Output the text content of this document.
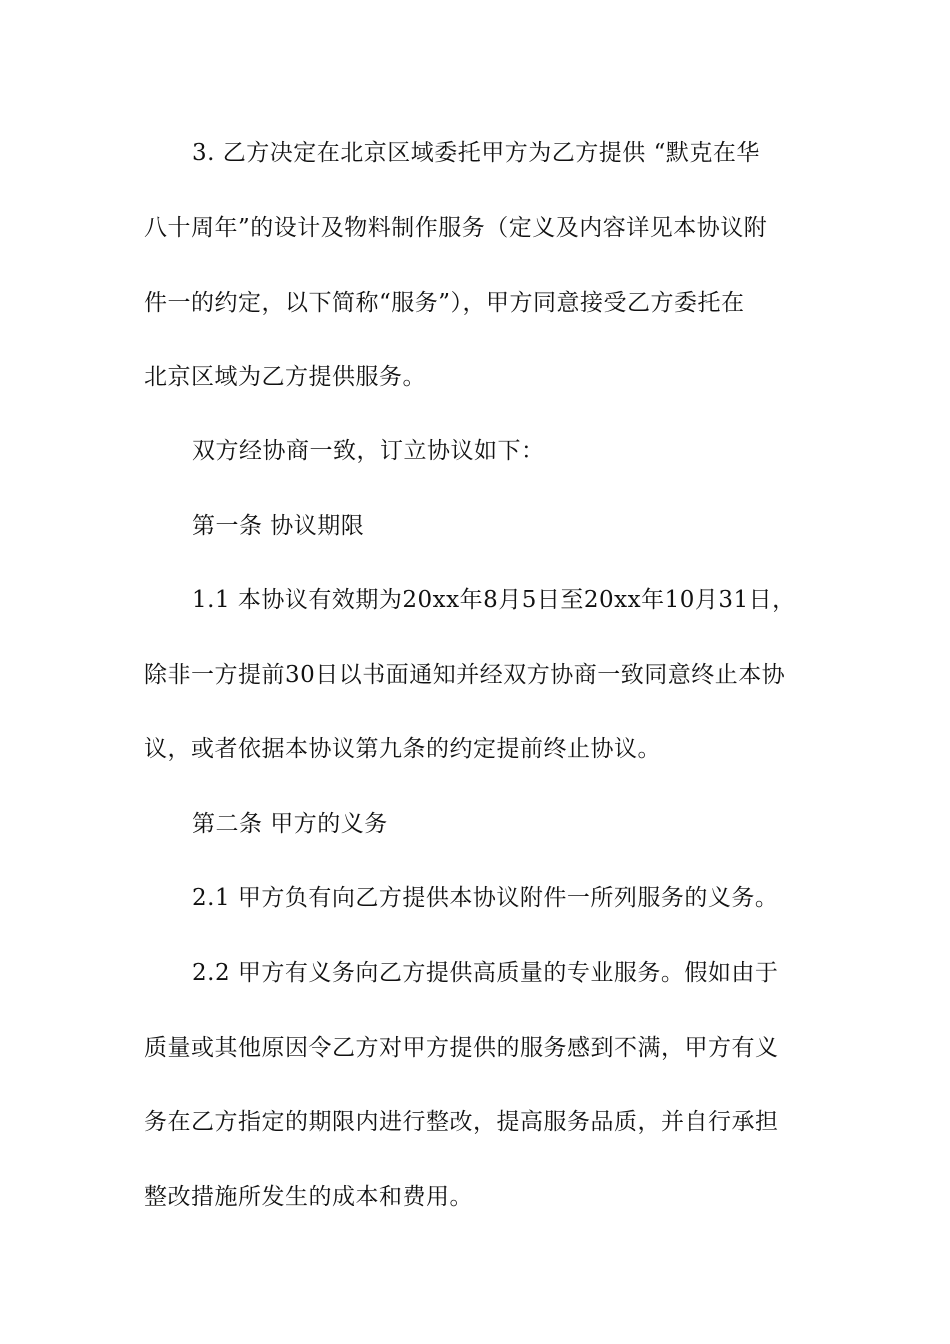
3. 乙方决定在北京区域委托甲方为乙方提供 “默克在华
八十周年”的设计及物料制作服务（定义及内容详见本协议附
件一的约定，以下简称“服务”），甲方同意接受乙方委托在
北京区域为乙方提供服务。
双方经协商一致，订立协议如下：
第一条 协议期限
1.1 本协议有效期为20xx年8月5日至20xx年10月31日，
除非一方提前30日以书面通知并经双方协商一致同意终止本协
议，或者依据本协议第九条的约定提前终止协议。
第二条 甲方的义务
2.1 甲方负有向乙方提供本协议附件一所列服务的义务。
2.2 甲方有义务向乙方提供高质量的专业服务。假如由于
质量或其他原因令乙方对甲方提供的服务感到不满，甲方有义
务在乙方指定的期限内进行整改，提高服务品质，并自行承担
整改措施所发生的成本和费用。
